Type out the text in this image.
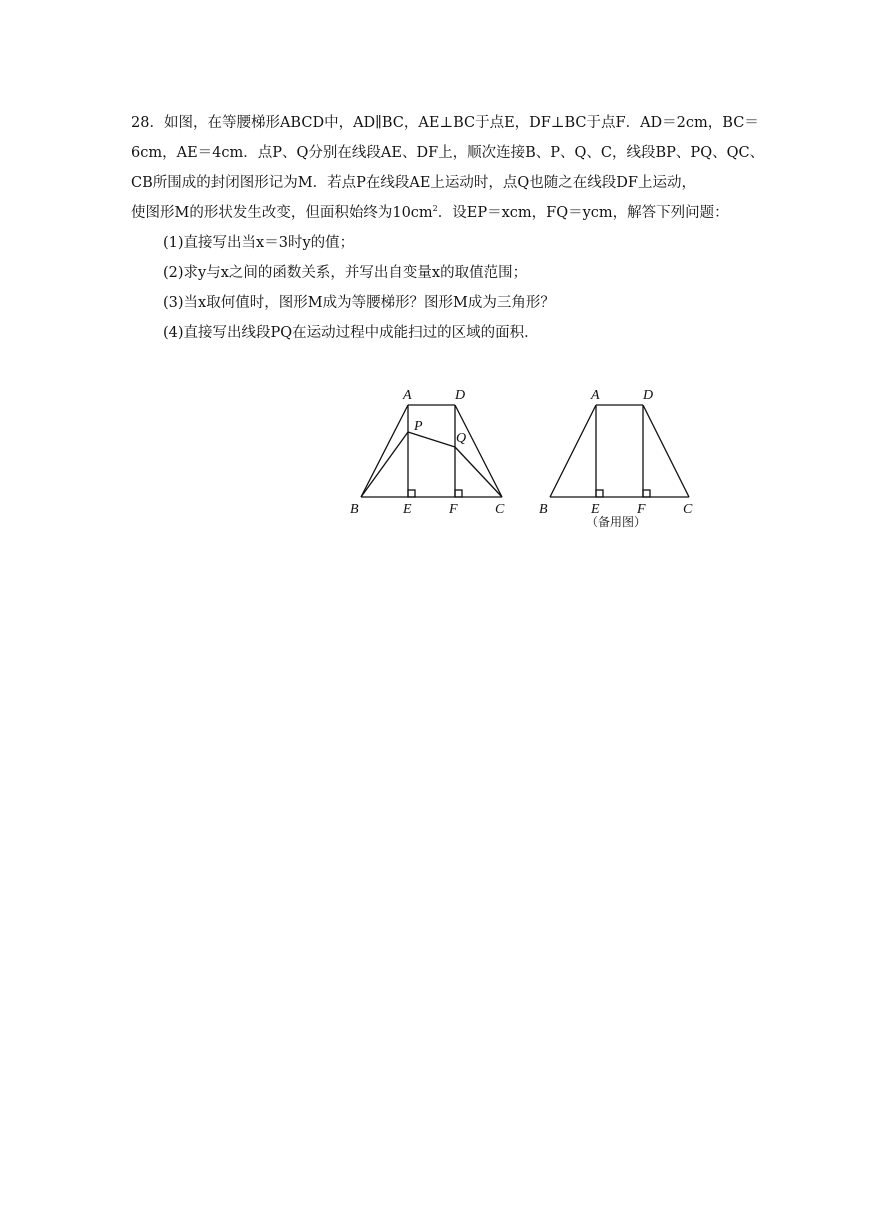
28．如图，在等腰梯形ABCD中，AD∥BC，AE⊥BC于点E，DF⊥BC于点F．AD＝2cm，BC＝
6cm，AE＝4cm．点P、Q分别在线段AE、DF上，顺次连接B、P、Q、C，线段BP、PQ、QC、
CB所围成的封闭图形记为M．若点P在线段AE上运动时，点Q也随之在线段DF上运动，
使图形M的形状发生改变，但面积始终为$10cm^2$．设EP＝xcm，FQ＝ycm，解答下列问题：
(1)直接写出当x＝3时y的值；
(2)求y与x之间的函数关系，并写出自变量x的取值范围；
(3)当x取何值时，图形M成为等腰梯形？图形M成为三角形？
(4)直接写出线段PQ在运动过程中成能扫过的区域的面积．
A	D
P
Q
B	E	F	C
A	D
B	E	F	C
（备用图）
